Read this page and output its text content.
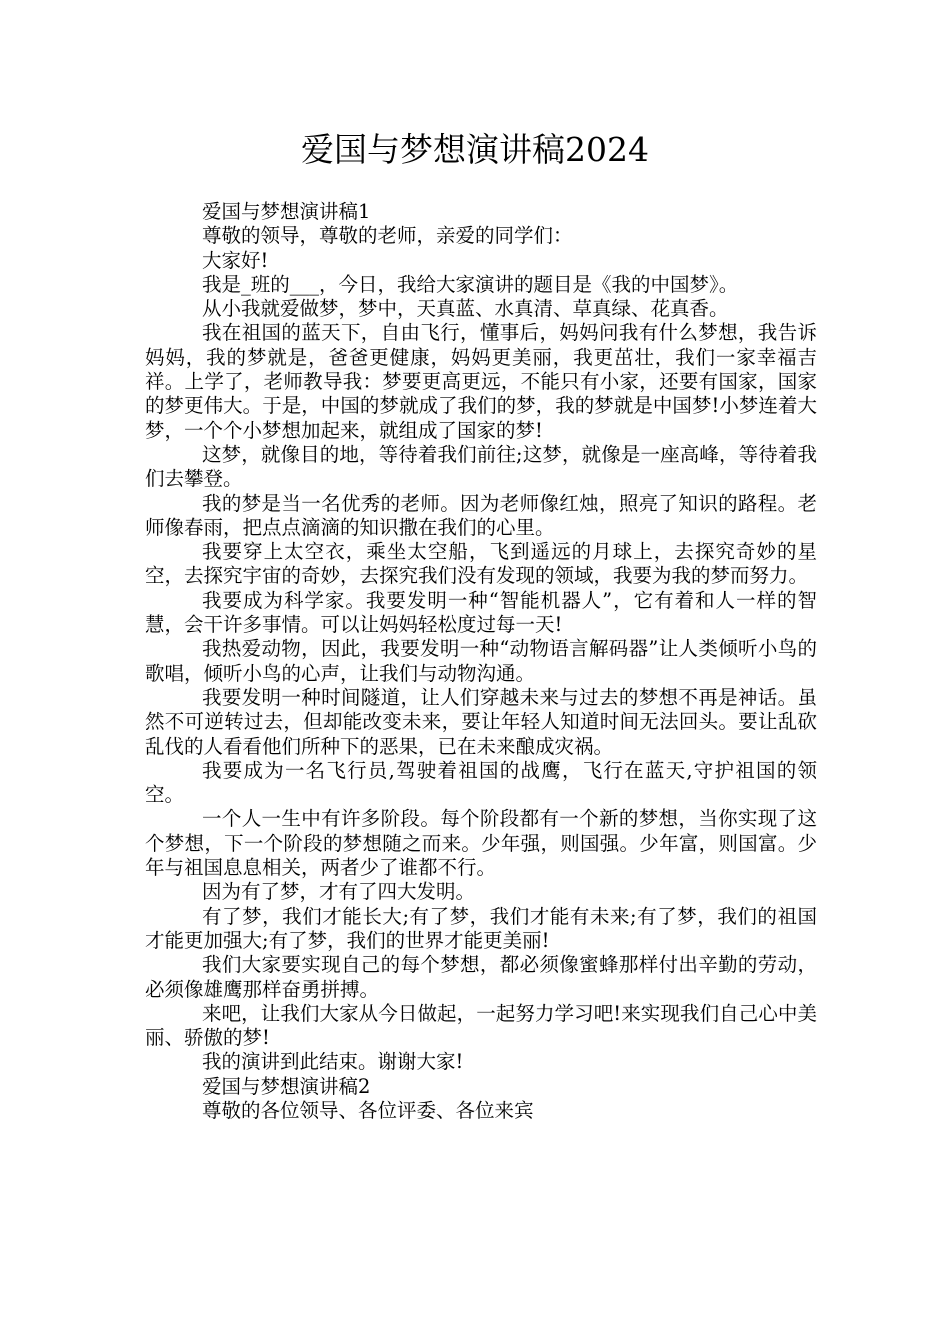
爱国与梦想演讲稿2024

爱国与梦想演讲稿1

尊敬的领导，尊敬的老师，亲爱的同学们：

大家好!

我是_班的___，今日，我给大家演讲的题目是《我的中国梦》。

从小我就爱做梦，梦中，天真蓝、水真清、草真绿、花真香。

我在祖国的蓝天下，自由飞行，懂事后，妈妈问我有什么梦想，我告诉妈妈，我的梦就是，爸爸更健康，妈妈更美丽，我更茁壮，我们一家幸福吉祥。上学了，老师教导我：梦要更高更远，不能只有小家，还要有国家，国家的梦更伟大。于是，中国的梦就成了我们的梦，我的梦就是中国梦!小梦连着大梦，一个个小梦想加起来，就组成了国家的梦!

这梦，就像目的地，等待着我们前往;这梦，就像是一座高峰，等待着我们去攀登。

我的梦是当一名优秀的老师。因为老师像红烛，照亮了知识的路程。老师像春雨，把点点滴滴的知识撒在我们的心里。

我要穿上太空衣，乘坐太空船，飞到遥远的月球上，去探究奇妙的星空，去探究宇宙的奇妙，去探究我们没有发现的领域，我要为我的梦而努力。

我要成为科学家。我要发明一种“智能机器人”，它有着和人一样的智慧，会干许多事情。可以让妈妈轻松度过每一天!

我热爱动物，因此，我要发明一种“动物语言解码器”让人类倾听小鸟的歌唱，倾听小鸟的心声，让我们与动物沟通。

我要发明一种时间隧道，让人们穿越未来与过去的梦想不再是神话。虽然不可逆转过去，但却能改变未来，要让年轻人知道时间无法回头。要让乱砍乱伐的人看看他们所种下的恶果，已在未来酿成灾祸。

我要成为一名飞行员,驾驶着祖国的战鹰，飞行在蓝天,守护祖国的领空。

一个人一生中有许多阶段。每个阶段都有一个新的梦想，当你实现了这个梦想，下一个阶段的梦想随之而来。少年强，则国强。少年富，则国富。少年与祖国息息相关，两者少了谁都不行。

因为有了梦，才有了四大发明。

有了梦，我们才能长大;有了梦，我们才能有未来;有了梦，我们的祖国才能更加强大;有了梦，我们的世界才能更美丽!

我们大家要实现自己的每个梦想，都必须像蜜蜂那样付出辛勤的劳动，必须像雄鹰那样奋勇拼搏。

来吧，让我们大家从今日做起，一起努力学习吧!来实现我们自己心中美丽、骄傲的梦!

我的演讲到此结束。谢谢大家!

爱国与梦想演讲稿2

尊敬的各位领导、各位评委、各位来宾
